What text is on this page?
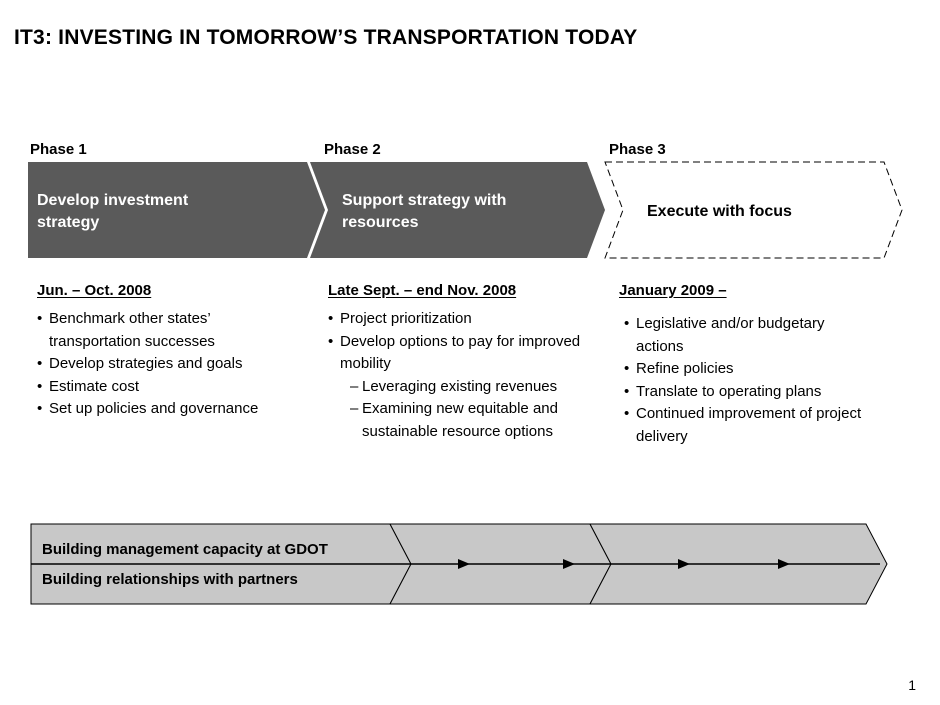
IT3: INVESTING IN TOMORROW’S TRANSPORTATION TODAY
Phase 1	Phase 2	Phase 3
Develop investment
strategy
Support strategy with
resources
Execute with focus
Jun. – Oct. 2008	Late Sept. – end Nov. 2008	January 2009 –
• Benchmark other states’ transportation successes
• Develop strategies and goals
• Estimate cost
• Set up policies and governance
• Project prioritization
• Develop options to pay for improved mobility
– Leveraging existing revenues
– Examining new equitable and sustainable resource options
• Legislative and/or budgetary actions
• Refine policies
• Translate to operating plans
• Continued improvement of project delivery
Building management capacity at GDOT
Building relationships with partners
1
